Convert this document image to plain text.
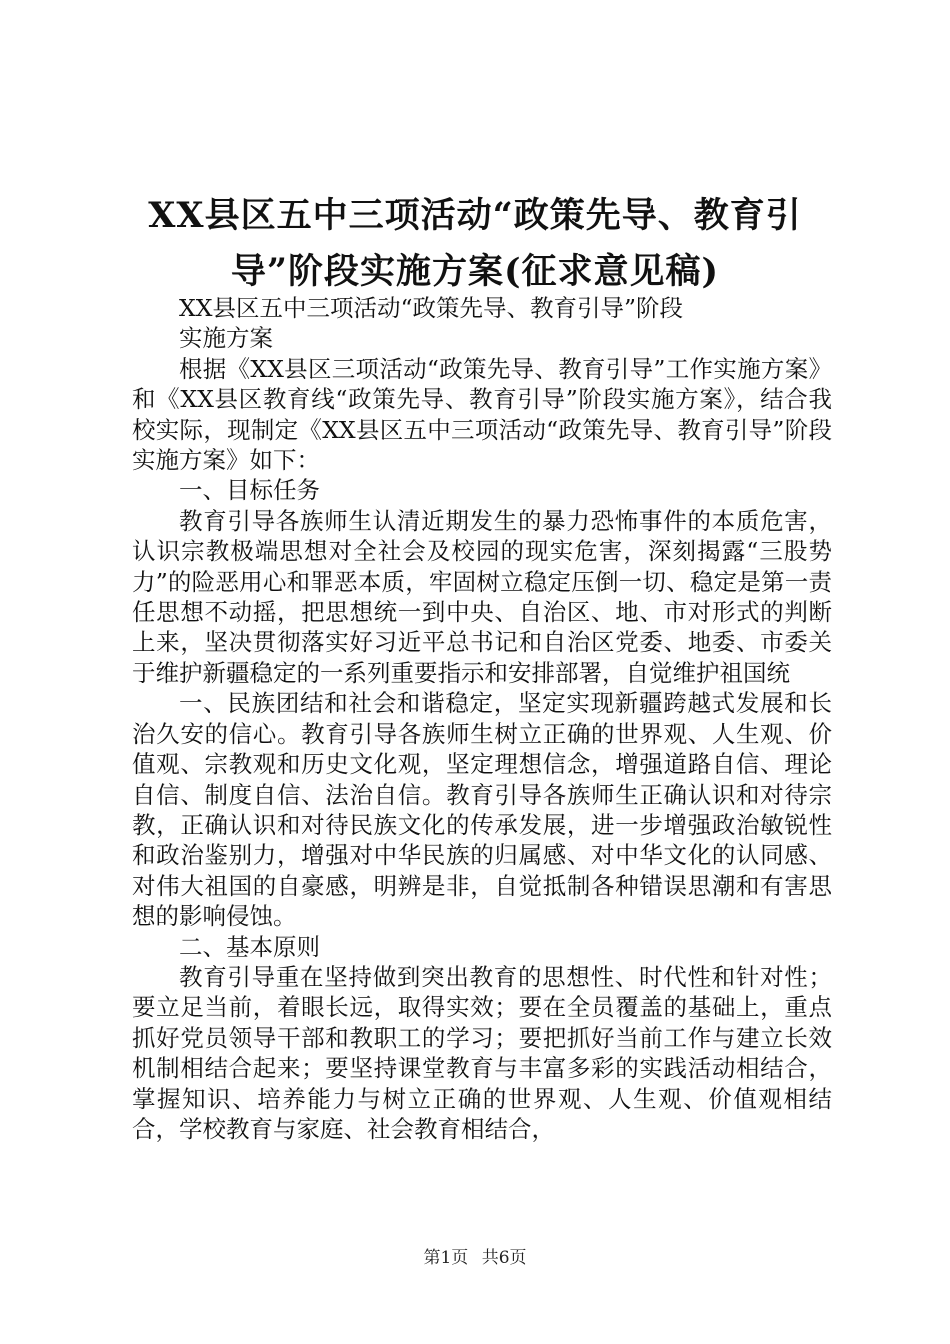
XX县区五中三项活动“政策先导、教育引
导”阶段实施方案(征求意见稿)

XX县区五中三项活动“政策先导、教育引导”阶段

实施方案

根据《XX县区三项活动“政策先导、教育引导”工作实施方案》和《XX县区教育线“政策先导、教育引导”阶段实施方案》，结合我校实际，现制定《XX县区五中三项活动“政策先导、教育引导”阶段实施方案》如下：

一、目标任务

教育引导各族师生认清近期发生的暴力恐怖事件的本质危害，认识宗教极端思想对全社会及校园的现实危害，深刻揭露“三股势力”的险恶用心和罪恶本质，牢固树立稳定压倒一切、稳定是第一责任思想不动摇，把思想统一到中央、自治区、地、市对形式的判断上来，坚决贯彻落实好习近平总书记和自治区党委、地委、市委关于维护新疆稳定的一系列重要指示和安排部署，自觉维护祖国统

一、民族团结和社会和谐稳定，坚定实现新疆跨越式发展和长治久安的信心。教育引导各族师生树立正确的世界观、人生观、价值观、宗教观和历史文化观，坚定理想信念，增强道路自信、理论自信、制度自信、法治自信。教育引导各族师生正确认识和对待宗教，正确认识和对待民族文化的传承发展，进一步增强政治敏锐性和政治鉴别力，增强对中华民族的归属感、对中华文化的认同感、对伟大祖国的自豪感，明辨是非，自觉抵制各种错误思潮和有害思想的影响侵蚀。

二、基本原则

教育引导重在坚持做到突出教育的思想性、时代性和针对性；要立足当前，着眼长远，取得实效；要在全员覆盖的基础上，重点抓好党员领导干部和教职工的学习；要把抓好当前工作与建立长效机制相结合起来；要坚持课堂教育与丰富多彩的实践活动相结合，掌握知识、培养能力与树立正确的世界观、人生观、价值观相结合，学校教育与家庭、社会教育相结合，

第1页 共6页
